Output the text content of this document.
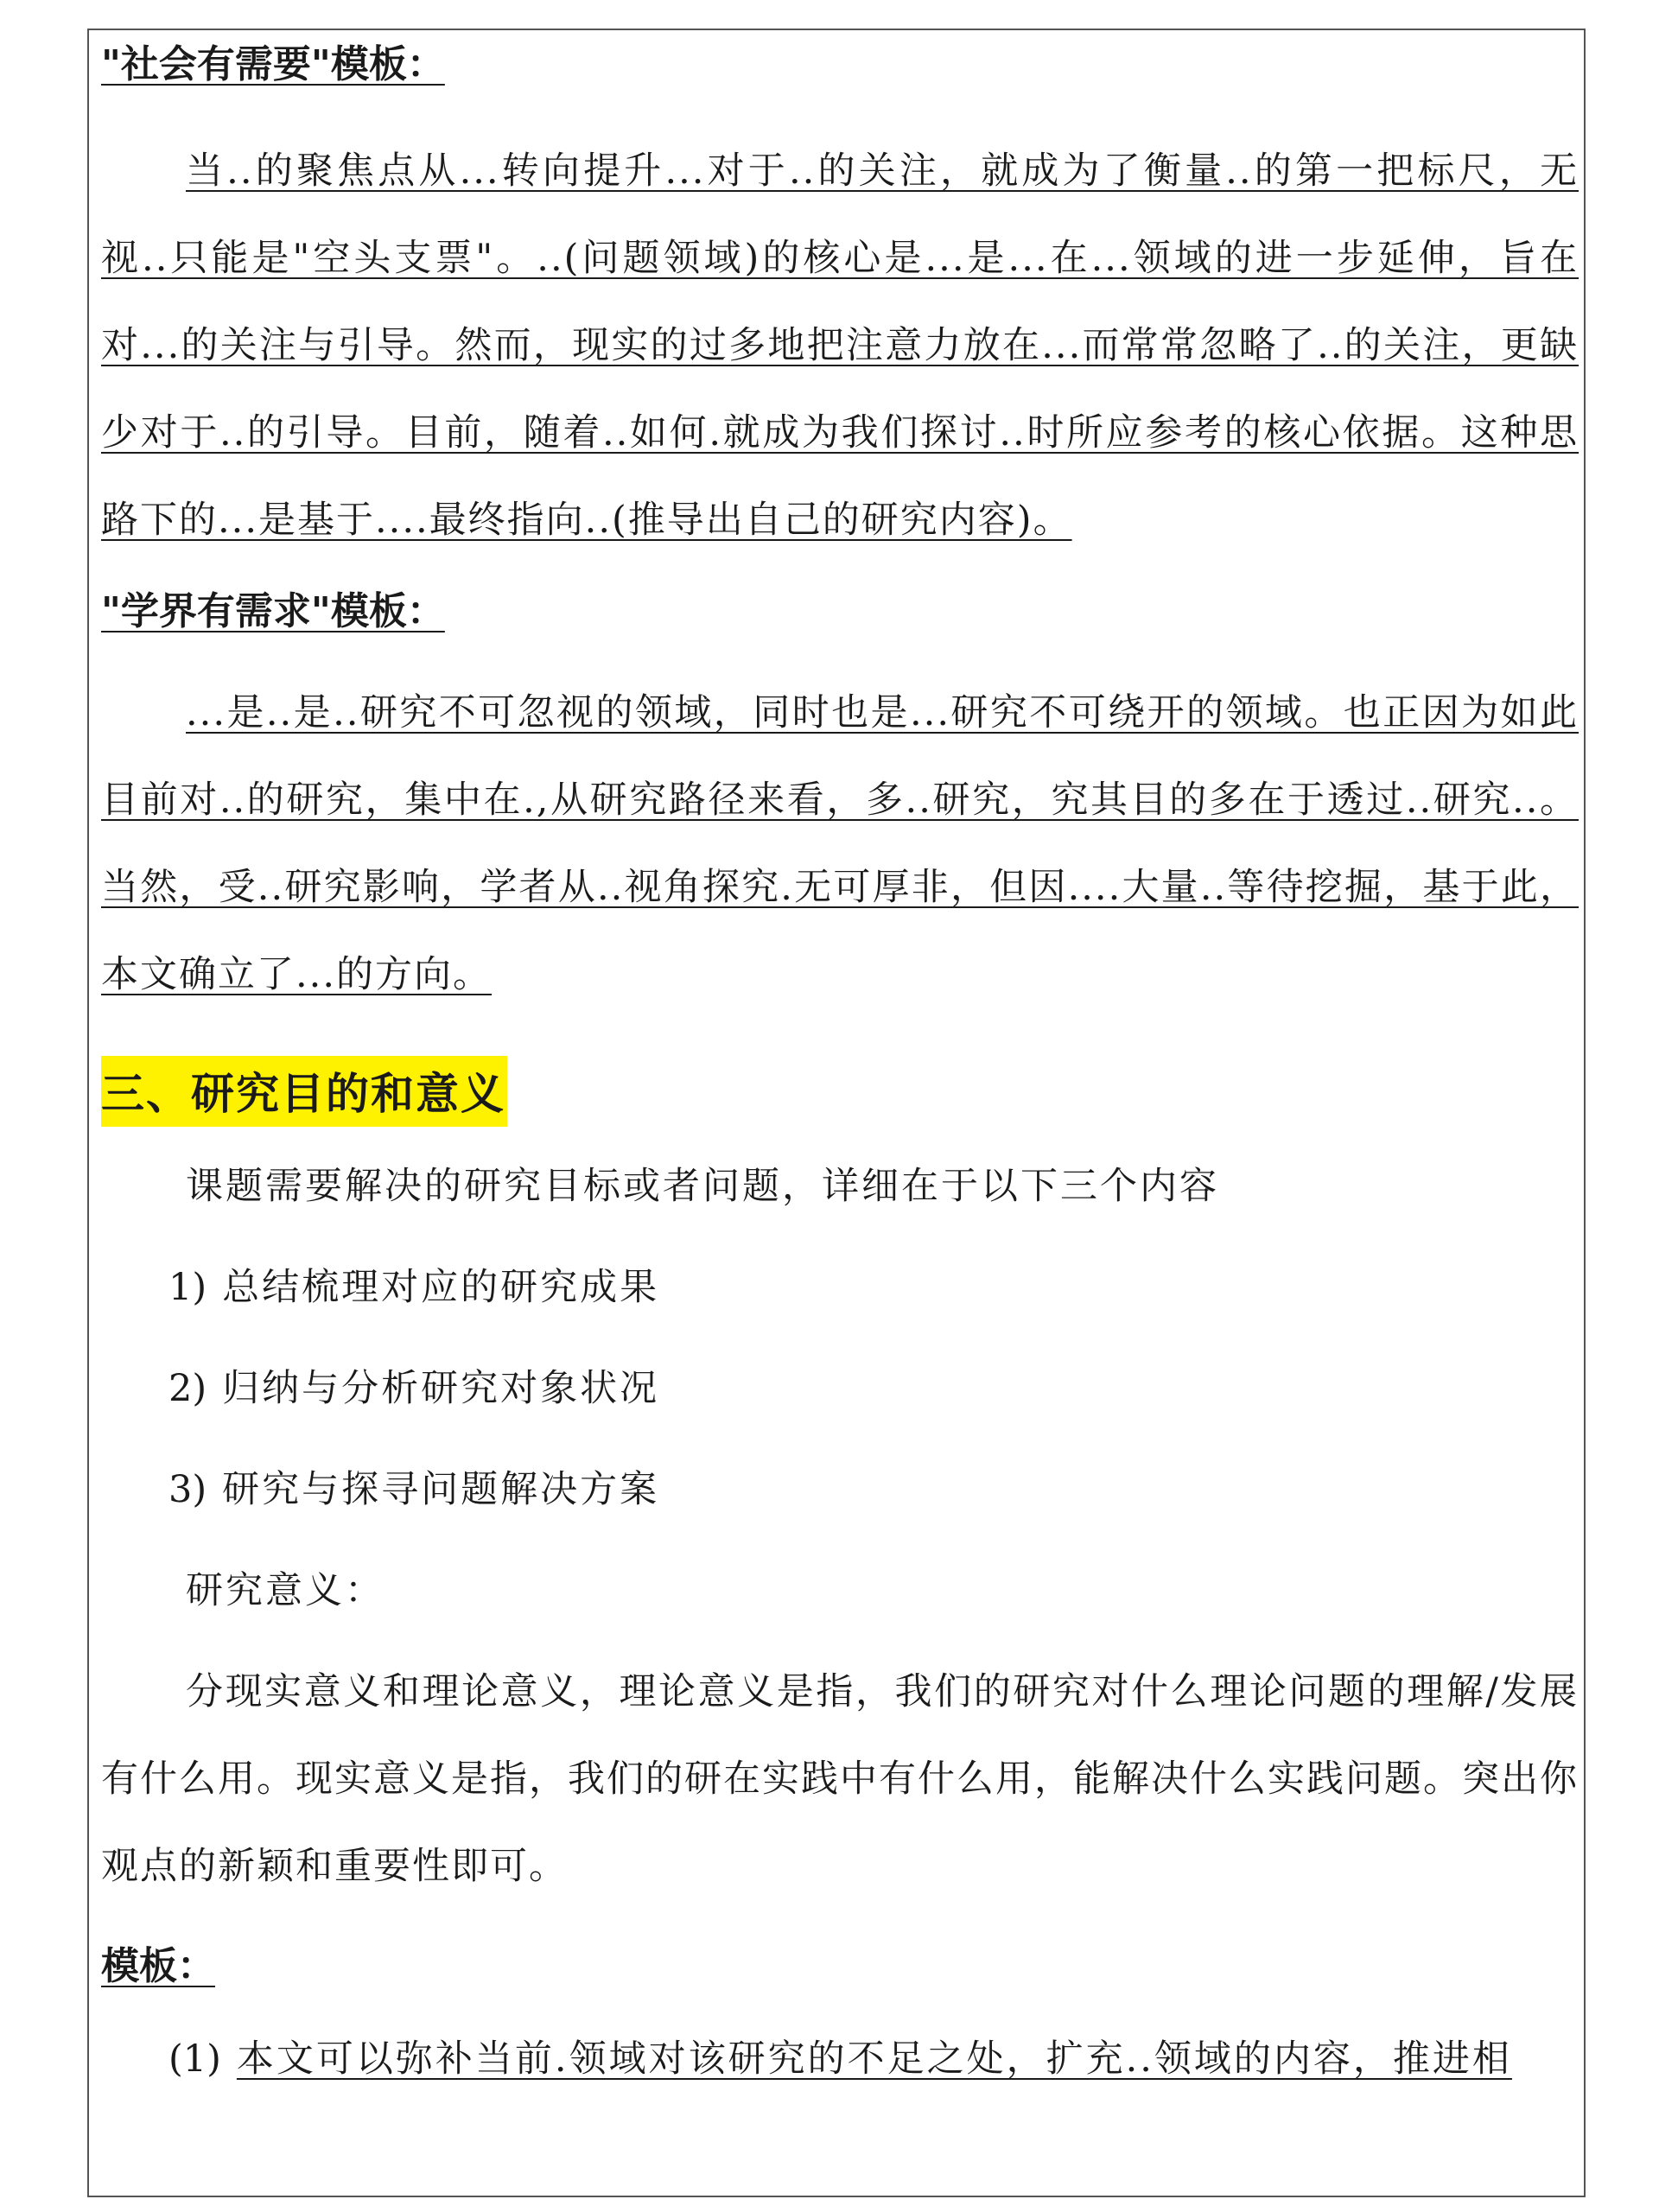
"社会有需要"模板：

当..的聚焦点从...转向提升...对于..的关注，就成为了衡量..的第一把标尺，无视..只能是"空头支票"。..(问题领域)的核心是...是...在...领域的进一步延伸，旨在对...的关注与引导。然而，现实的过多地把注意力放在...而常常忽略了..的关注，更缺少对于..的引导。目前，随着..如何.就成为我们探讨..时所应参考的核心依据。这种思路下的...是基于....最终指向..(推导出自己的研究内容)。

"学界有需求"模板：

...是..是..研究不可忽视的领域，同时也是...研究不可绕开的领域。也正因为如此目前对..的研究，集中在.,从研究路径来看，多..研究，究其目的多在于透过..研究..。当然，受..研究影响，学者从..视角探究.无可厚非，但因....大量..等待挖掘，基于此，本文确立了...的方向。

三、研究目的和意义

课题需要解决的研究目标或者问题，详细在于以下三个内容

1) 总结梳理对应的研究成果

2) 归纳与分析研究对象状况

3) 研究与探寻问题解决方案

研究意义：

分现实意义和理论意义，理论意义是指，我们的研究对什么理论问题的理解/发展有什么用。现实意义是指，我们的研在实践中有什么用，能解决什么实践问题。突出你观点的新颖和重要性即可。

模板：

(1) 本文可以弥补当前.领域对该研究的不足之处，扩充..领域的内容，推进相
